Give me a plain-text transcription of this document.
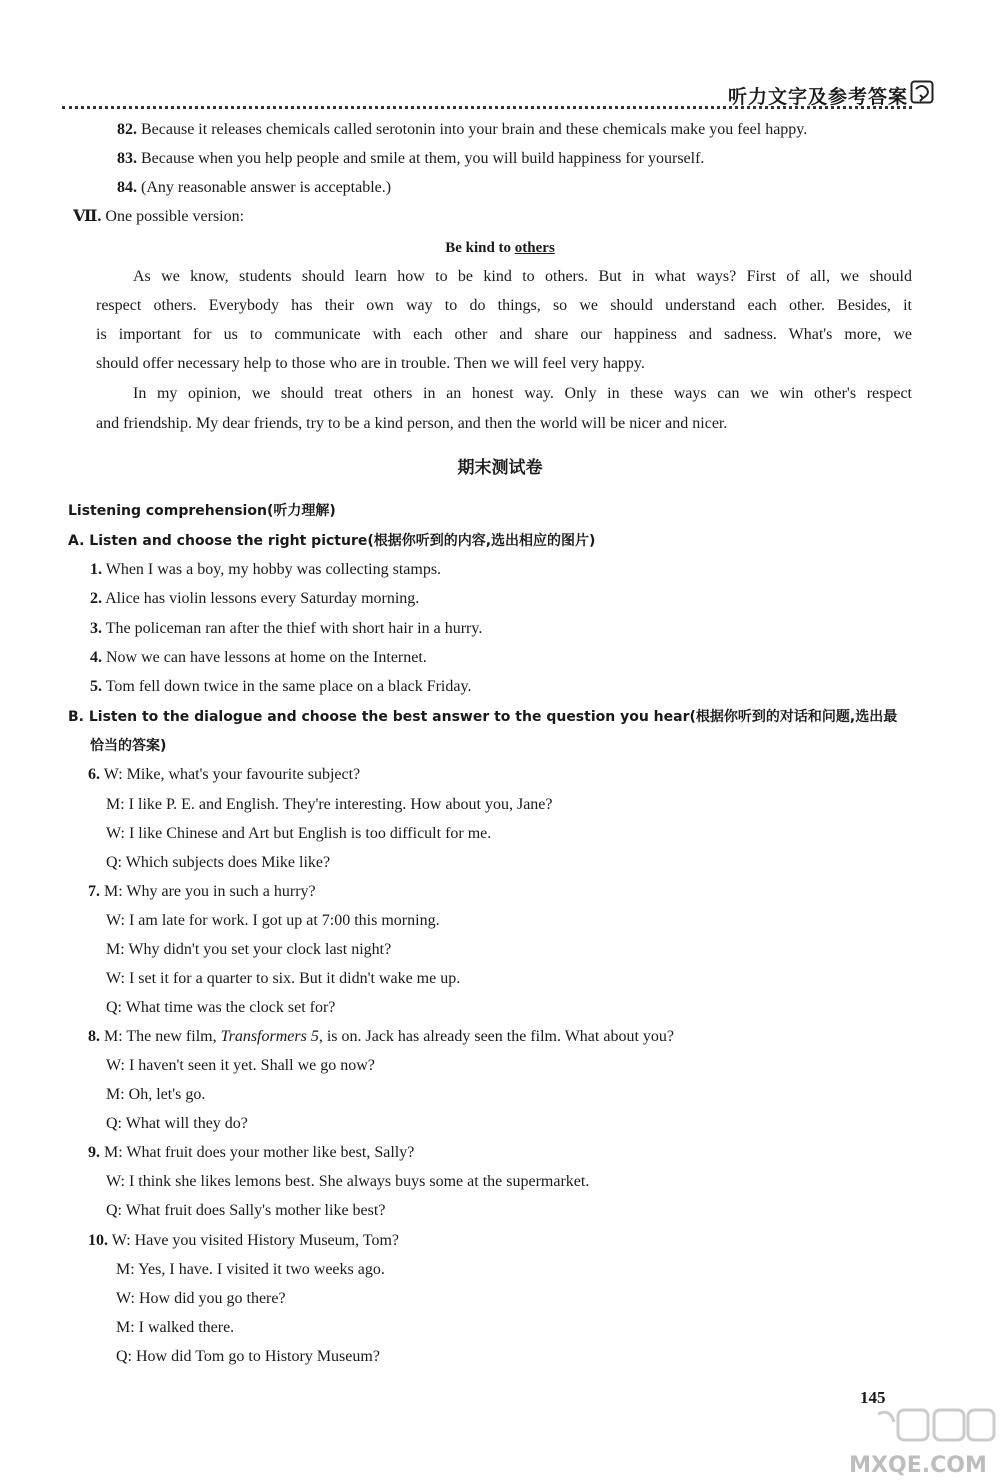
听力文字及参考答案
82. Because it releases chemicals called serotonin into your brain and these chemicals make you feel happy.
83. Because when you help people and smile at them, you will build happiness for yourself.
84. (Any reasonable answer is acceptable.)
Ⅶ. One possible version:
Be kind to others
As we know, students should learn how to be kind to others. But in what ways? First of all, we should
respect others. Everybody has their own way to do things, so we should understand each other. Besides, it
is important for us to communicate with each other and share our happiness and sadness. What's more, we
should offer necessary help to those who are in trouble. Then we will feel very happy.
In my opinion, we should treat others in an honest way. Only in these ways can we win other's respect
and friendship. My dear friends, try to be a kind person, and then the world will be nicer and nicer.
期末测试卷
Listening comprehension(听力理解)
A. Listen and choose the right picture(根据你听到的内容,选出相应的图片)
1. When I was a boy, my hobby was collecting stamps.
2. Alice has violin lessons every Saturday morning.
3. The policeman ran after the thief with short hair in a hurry.
4. Now we can have lessons at home on the Internet.
5. Tom fell down twice in the same place on a black Friday.
B. Listen to the dialogue and choose the best answer to the question you hear(根据你听到的对话和问题,选出最
恰当的答案)
6. W: Mike, what's your favourite subject?
M: I like P. E. and English. They're interesting. How about you, Jane?
W: I like Chinese and Art but English is too difficult for me.
Q: Which subjects does Mike like?
7. M: Why are you in such a hurry?
W: I am late for work. I got up at 7:00 this morning.
M: Why didn't you set your clock last night?
W: I set it for a quarter to six. But it didn't wake me up.
Q: What time was the clock set for?
8. M: The new film, Transformers 5, is on. Jack has already seen the film. What about you?
W: I haven't seen it yet. Shall we go now?
M: Oh, let's go.
Q: What will they do?
9. M: What fruit does your mother like best, Sally?
W: I think she likes lemons best. She always buys some at the supermarket.
Q: What fruit does Sally's mother like best?
10. W: Have you visited History Museum, Tom?
M: Yes, I have. I visited it two weeks ago.
W: How did you go there?
M: I walked there.
Q: How did Tom go to History Museum?
145
MXQE.COM
